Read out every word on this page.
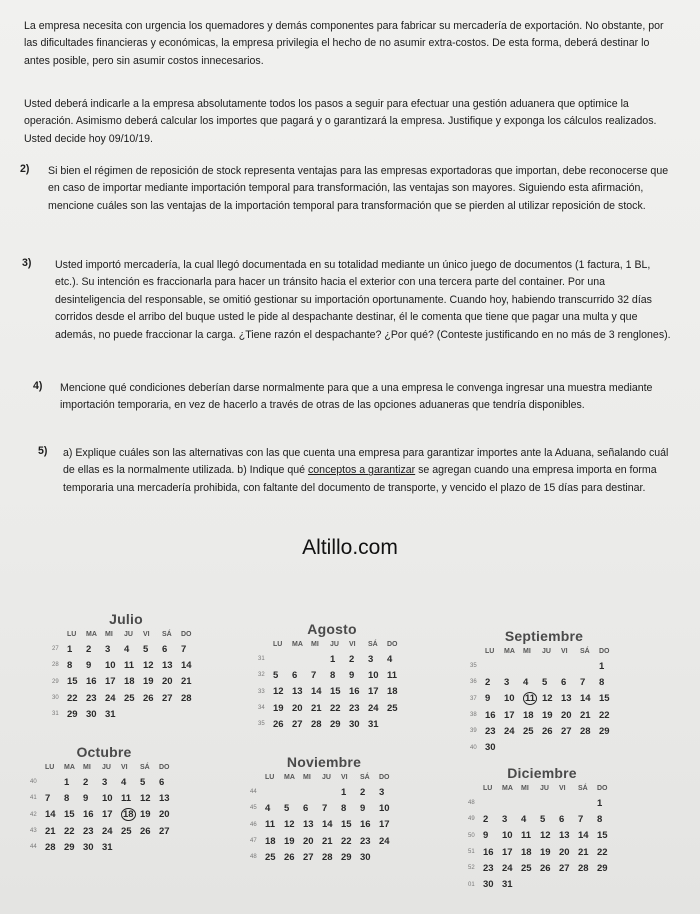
La empresa necesita con urgencia los quemadores y demás componentes para fabricar su mercadería de exportación. No obstante, por las dificultades financieras y económicas, la empresa privilegia el hecho de no asumir extra-costos. De esta forma, deberá destinar lo antes posible, pero sin asumir costos innecesarios.

Usted deberá indicarle a la empresa absolutamente todos los pasos a seguir para efectuar una gestión aduanera que optimice la operación. Asimismo deberá calcular los importes que pagará y o garantizará la empresa. Justifique y exponga los cálculos realizados. Usted decide hoy 09/10/19.

2) Si bien el régimen de reposición de stock representa ventajas para las empresas exportadoras que importan, debe reconocerse que en caso de importar mediante importación temporal para transformación, las ventajas son mayores. Siguiendo esta afirmación, mencione cuáles son las ventajas de la importación temporal para transformación que se pierden al utilizar reposición de stock.

3) Usted importó mercadería, la cual llegó documentada en su totalidad mediante un único juego de documentos (1 factura, 1 BL, etc.). Su intención es fraccionarla para hacer un tránsito hacia el exterior con una tercera parte del container. Por una desinteligencia del responsable, se omitió gestionar su importación oportunamente. Cuando hoy, habiendo transcurrido 32 días corridos desde el arribo del buque usted le pide al despachante destinar, él le comenta que tiene que pagar una multa y que además, no puede fraccionar la carga. ¿Tiene razón el despachante? ¿Por qué? (Conteste justificando en no más de 3 renglones).

4) Mencione qué condiciones deberían darse normalmente para que a una empresa le convenga ingresar una muestra mediante importación temporaria, en vez de hacerlo a través de otras de las opciones aduaneras que tendría disponibles.

5) a) Explique cuáles son las alternativas con las que cuenta una empresa para garantizar importes ante la Aduana, señalando cuál de ellas es la normalmente utilizada. b) Indique qué conceptos a garantizar se agregan cuando una empresa importa en forma temporaria una mercadería prohibida, con faltante del documento de transporte, y vencido el plazo de 15 días para destinar.

Altillo.com
Julio
	LU	MA	MI	JU	VI	SÁ	DO
27	1	2	3	4	5	6	7
28	8	9	10	11	12	13	14
29	15	16	17	18	19	20	21
30	22	23	24	25	26	27	28
31	29	30	31				
Agosto
	LU	MA	MI	JU	VI	SÁ	DO
31				1	2	3	4
32	5	6	7	8	9	10	11
33	12	13	14	15	16	17	18
34	19	20	21	22	23	24	25
35	26	27	28	29	30	31	
Septiembre
	LU	MA	MI	JU	VI	SÁ	DO
35							1
36	2	3	4	5	6	7	8
37	9	10	11	12	13	14	15
38	16	17	18	19	20	21	22
39	23	24	25	26	27	28	29
40	30						
Octubre
	LU	MA	MI	JU	VI	SÁ	DO
40		1	2	3	4	5	6
41	7	8	9	10	11	12	13
42	14	15	16	17	18	19	20
43	21	22	23	24	25	26	27
44	28	29	30	31			
Noviembre
	LU	MA	MI	JU	VI	SÁ	DO
44					1	2	3
45	4	5	6	7	8	9	10
46	11	12	13	14	15	16	17
47	18	19	20	21	22	23	24
48	25	26	27	28	29	30	
Diciembre
	LU	MA	MI	JU	VI	SÁ	DO
48							1
49	2	3	4	5	6	7	8
50	9	10	11	12	13	14	15
51	16	17	18	19	20	21	22
52	23	24	25	26	27	28	29
01	30	31					
